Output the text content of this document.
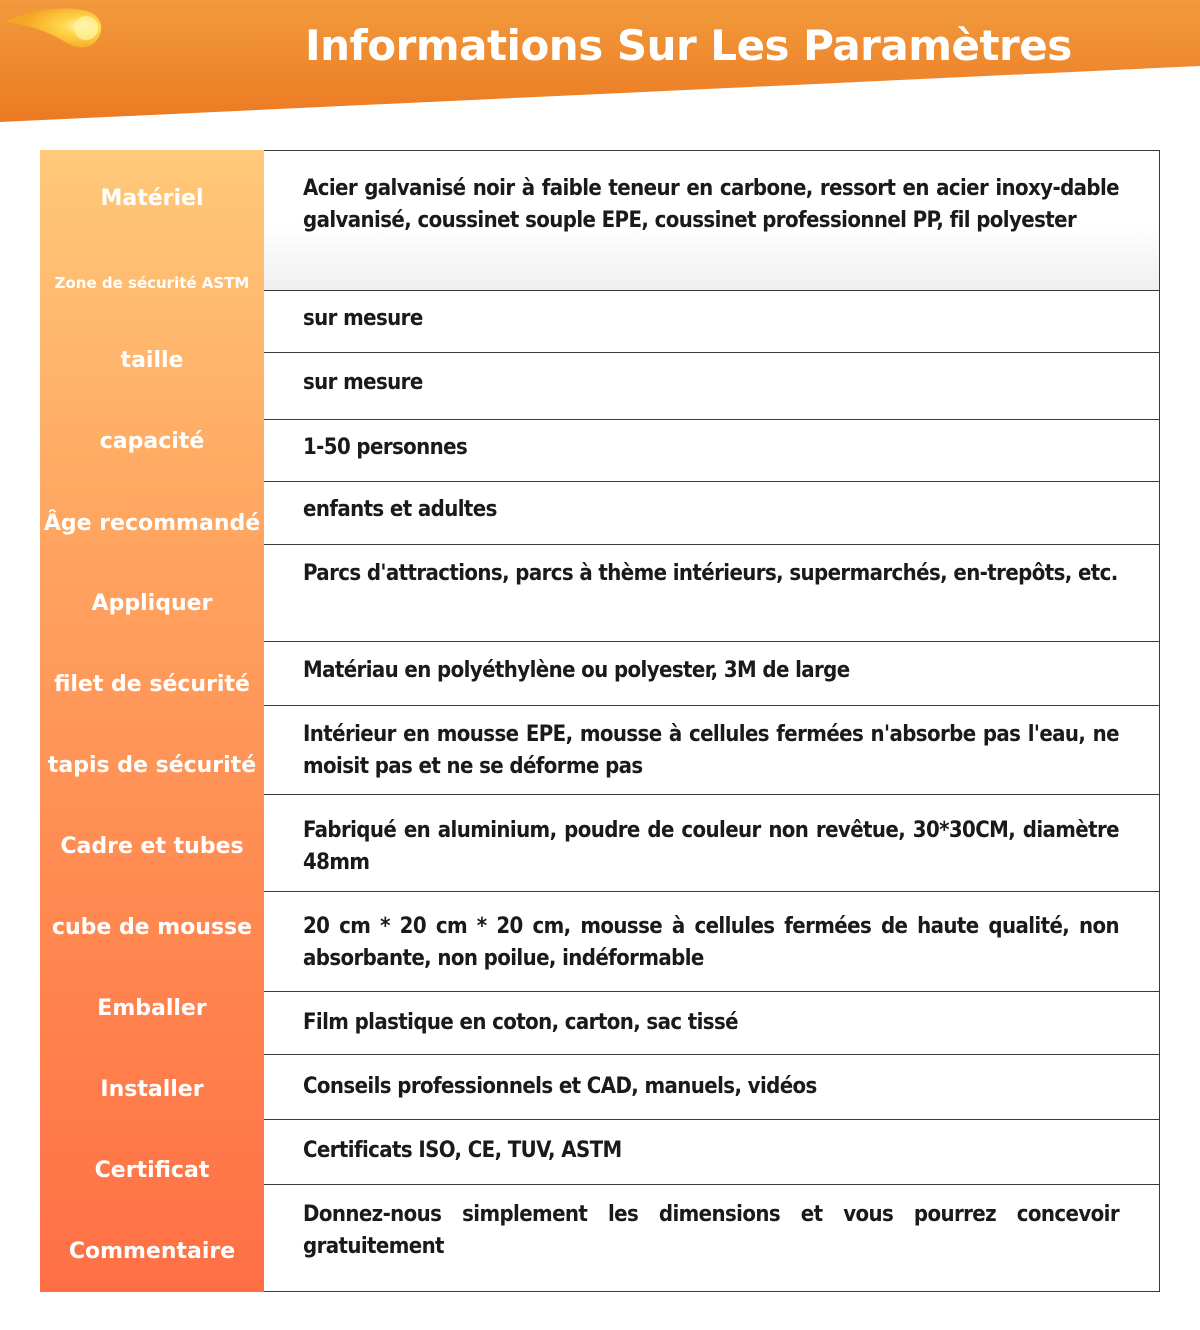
Informations Sur Les Paramètres
Matériel
Zone de sécurité ASTM
taille
capacité
Âge recommandé
Appliquer
filet de sécurité
tapis de sécurité
Cadre et tubes
cube de mousse
Emballer
Installer
Certificat
Commentaire
Acier galvanisé noir à faible teneur en carbone, ressort en acier inoxy-dable galvanisé, coussinet souple EPE, coussinet professionnel PP, fil polyester
sur mesure
sur mesure
1-50 personnes
enfants et adultes
Parcs d'attractions, parcs à thème intérieurs, supermarchés, en-trepôts, etc.
Matériau en polyéthylène ou polyester, 3M de large
Intérieur en mousse EPE, mousse à cellules fermées n'absorbe pas l'eau, ne moisit pas et ne se déforme pas
Fabriqué en aluminium, poudre de couleur non revêtue, 30*30CM, diamètre 48mm
20 cm * 20 cm * 20 cm, mousse à cellules fermées de haute qualité, non absorbante, non poilue, indéformable
Film plastique en coton, carton, sac tissé
Conseils professionnels et CAD, manuels, vidéos
Certificats ISO, CE, TUV, ASTM
Donnez-nous simplement les dimensions et vous pourrez concevoir gratuitement
